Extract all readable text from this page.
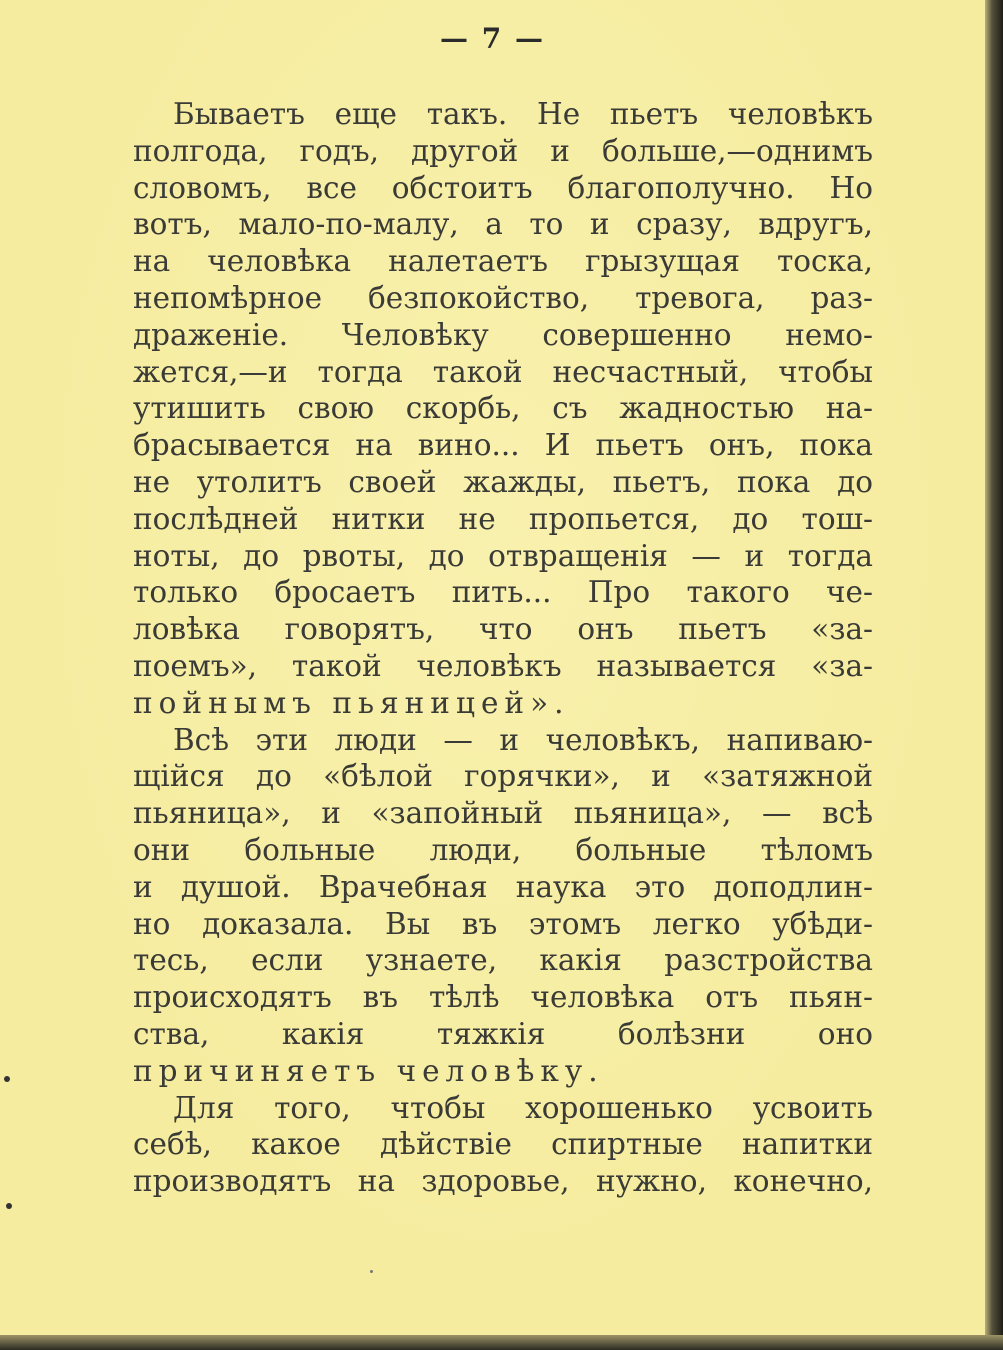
— 7 —
Бываетъ еще такъ. Не пьетъ человѣкъ
полгода, годъ, другой и больше,—однимъ
словомъ, все обстоитъ благополучно. Но
вотъ, мало-по-малу, а то и сразу, вдругъ,
на человѣка налетаетъ грызущая тоска,
непомѣрное безпокойство, тревога, раз-
драженіе. Человѣку совершенно немо-
жется,—и тогда такой несчастный, чтобы
утишить свою скорбь, съ жадностью на-
брасывается на вино... И пьетъ онъ, пока
не утолитъ своей жажды, пьетъ, пока до
послѣдней нитки не пропьется, до тош-
ноты, до рвоты, до отвращенія — и тогда
только бросаетъ пить... Про такого че-
ловѣка говорятъ, что онъ пьетъ «за-
поемъ», такой человѣкъ называется «за-
пойнымъ пьяницей».
Всѣ эти люди — и человѣкъ, напиваю-
щійся до «бѣлой горячки», и «затяжной
пьяница», и «запойный пьяница», — всѣ
они больные люди, больные тѣломъ
и душой. Врачебная наука это доподлин-
но доказала. Вы въ этомъ легко убѣди-
тесь, если узнаете, какія разстройства
происходятъ въ тѣлѣ человѣка отъ пьян-
ства, какія тяжкія болѣзни оно
причиняетъ человѣку.
Для того, чтобы хорошенько усвоить
себѣ, какое дѣйствіе спиртные напитки
производятъ на здоровье, нужно, конечно,
